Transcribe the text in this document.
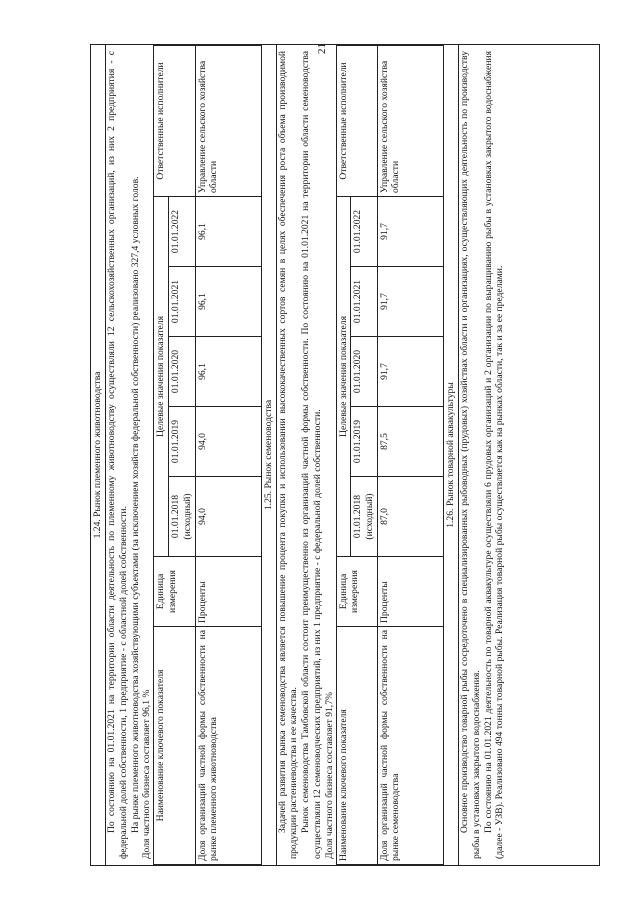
21
1.24. Рынок племенного животноводства По состоянию на 01.01.2021 на территории области деятельность по племенному животноводству осуществляли 12 сельскохозяйственных организаций, из них 2 предприятия - с федеральной долей собственности, 1 предприятие - с областной долей собственности. На рынке племенного животноводства хозяйствующими субъектами (за исключением хозяйств федеральной собственности) реализовано 327,4 условных голов. Доля частного бизнеса составляет 96,1 % Наименование ключевого показателя	Единица измерения	Целевые значения показателя					Ответственные исполнители
		01.01.2018 (исходный)	01.01.2019	01.01.2020	01.01.2021	01.01.2022	
Доля организаций частной формы собственности на рынке племенного животноводства	Проценты	94,0	94,0	96,1	96,1	96,1	Управление сельского хозяйства области
1.25. Рынок семеноводства Задачей развития рынка семеноводства является повышение процента покупки и использовании высококачественных сортов семян в целях обеспечения роста объема производимой продукции растениеводства и ее качества. Рынок семеноводства Тамбовской области состоит преимущественно из организаций частной формы собственности. По состоянию на 01.01.2021 на территории области семеноводства осуществляли 12 семеноводческих предприятий, из них 1 предприятие - с федеральной долей собственности. Доля частного бизнеса составляет 91,7% Наименование ключевого показателя	Единица измерения	Целевые значения показателя					Ответственные исполнители
		01.01.2018 (исходный)	01.01.2019	01.01.2020	01.01.2021	01.01.2022	
Доля организаций частной формы собственности на рынке семеноводства	Проценты	87,0	87,5	91,7	91,7	91,7	Управление сельского хозяйства области
1.26. Рынок товарной аквакультуры Основное производство товарной рыбы сосредоточено в специализированных рыбоводных (прудовых) хозяйствах области и организациях, осуществляющих деятельность по производству рыбы в установках закрытого водоснабжения. По состоянию на 01.01.2021 деятельность по товарной аквакультуре осуществляли 6 прудовых организаций и 2 организации по выращиванию рыбы в установках закрытого водоснабжения (далее - УЗВ). Реализовано 494 тонны товарной рыбы. Реализация товарной рыбы осуществляется как на рынках области, так и за ее пределами.
